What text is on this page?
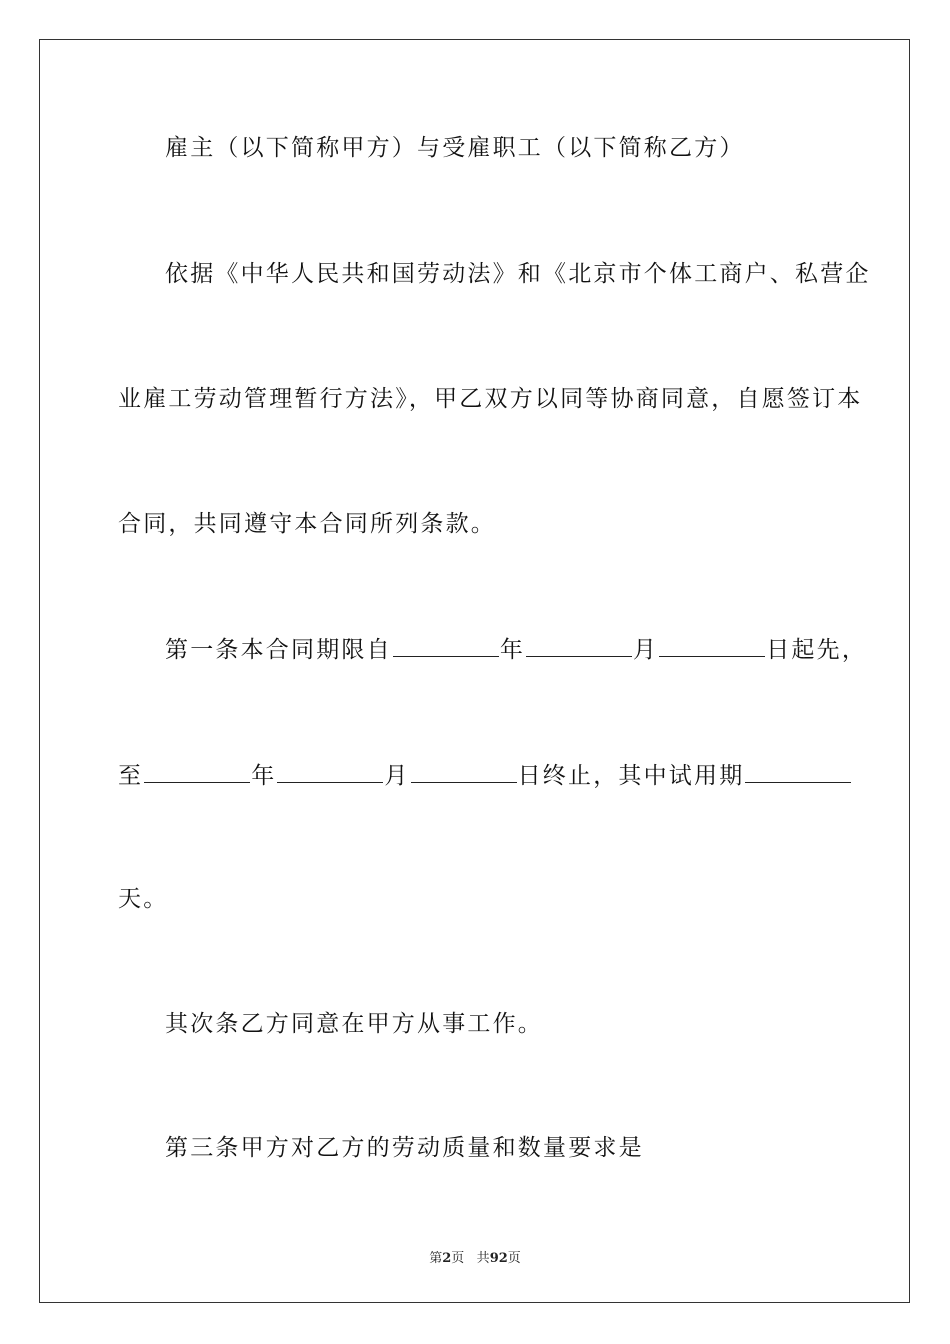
雇主（以下简称甲方）与受雇职工（以下简称乙方）
依据《中华人民共和国劳动法》和《北京市个体工商户、私营企
业雇工劳动管理暂行方法》，甲乙双方以同等协商同意，自愿签订本
合同，共同遵守本合同所列条款。
第一条本合同期限自	年	月	日起先，
至	年	月	日终止，其中试用期
天。
其次条乙方同意在甲方从事工作。
第三条甲方对乙方的劳动质量和数量要求是
第2页 共92页
